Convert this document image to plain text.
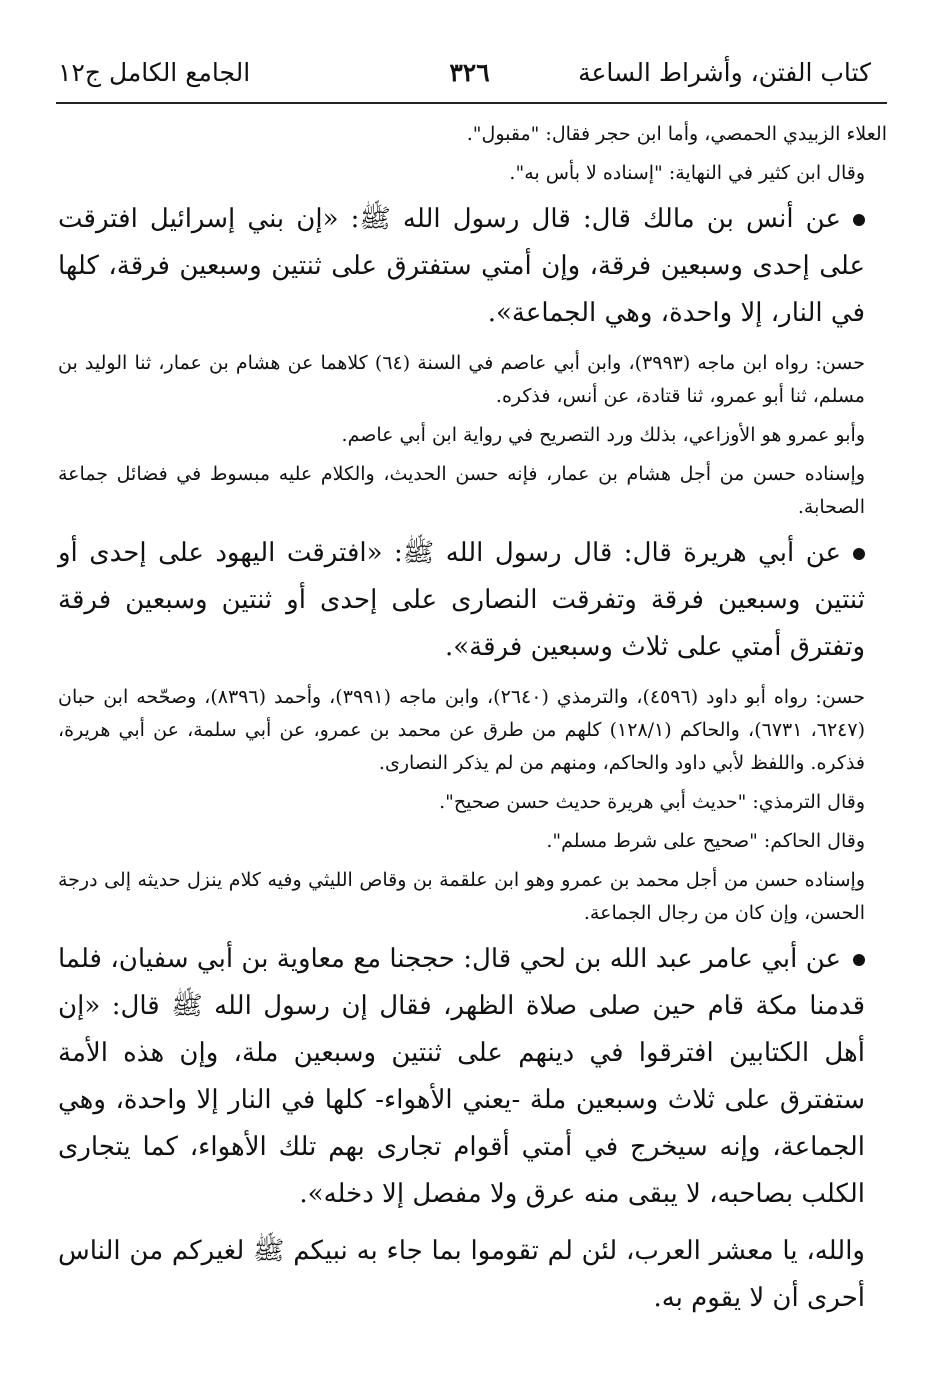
كتاب الفتن، وأشراط الساعة
٣٢٦
الجامع الكامل ج١٢

العلاء الزبيدي الحمصي، وأما ابن حجر فقال: "مقبول".

وقال ابن كثير في النهاية: "إسناده لا بأس به".

عن أنس بن مالك قال: قال رسول الله ﷺ: «إن بني إسرائيل افترقت على إحدى وسبعين فرقة، وإن أمتي ستفترق على ثنتين وسبعين فرقة، كلها في النار، إلا واحدة، وهي الجماعة».

حسن: رواه ابن ماجه (٣٩٩٣)، وابن أبي عاصم في السنة (٦٤) كلاهما عن هشام بن عمار، ثنا الوليد بن مسلم، ثنا أبو عمرو، ثنا قتادة، عن أنس، فذكره.

وأبو عمرو هو الأوزاعي، بذلك ورد التصريح في رواية ابن أبي عاصم.

وإسناده حسن من أجل هشام بن عمار، فإنه حسن الحديث، والكلام عليه مبسوط في فضائل جماعة الصحابة.

عن أبي هريرة قال: قال رسول الله ﷺ: «افترقت اليهود على إحدى أو ثنتين وسبعين فرقة وتفرقت النصارى على إحدى أو ثنتين وسبعين فرقة وتفترق أمتي على ثلاث وسبعين فرقة».

حسن: رواه أبو داود (٤٥٩٦)، والترمذي (٢٦٤٠)، وابن ماجه (٣٩٩١)، وأحمد (٨٣٩٦)، وصحّحه ابن حبان (٦٢٤٧، ٦٧٣١)، والحاكم (١٢٨/١) كلهم من طرق عن محمد بن عمرو، عن أبي سلمة، عن أبي هريرة، فذكره. واللفظ لأبي داود والحاكم، ومنهم من لم يذكر النصارى.

وقال الترمذي: "حديث أبي هريرة حديث حسن صحيح".

وقال الحاكم: "صحيح على شرط مسلم".

وإسناده حسن من أجل محمد بن عمرو وهو ابن علقمة بن وقاص الليثي وفيه كلام ينزل حديثه إلى درجة الحسن، وإن كان من رجال الجماعة.

عن أبي عامر عبد الله بن لحي قال: حججنا مع معاوية بن أبي سفيان، فلما قدمنا مكة قام حين صلى صلاة الظهر، فقال إن رسول الله ﷺ قال: «إن أهل الكتابين افترقوا في دينهم على ثنتين وسبعين ملة، وإن هذه الأمة ستفترق على ثلاث وسبعين ملة -يعني الأهواء- كلها في النار إلا واحدة، وهي الجماعة، وإنه سيخرج في أمتي أقوام تجارى بهم تلك الأهواء، كما يتجارى الكلب بصاحبه، لا يبقى منه عرق ولا مفصل إلا دخله».

والله، يا معشر العرب، لئن لم تقوموا بما جاء به نبيكم ﷺ لغيركم من الناس أحرى أن لا يقوم به.
